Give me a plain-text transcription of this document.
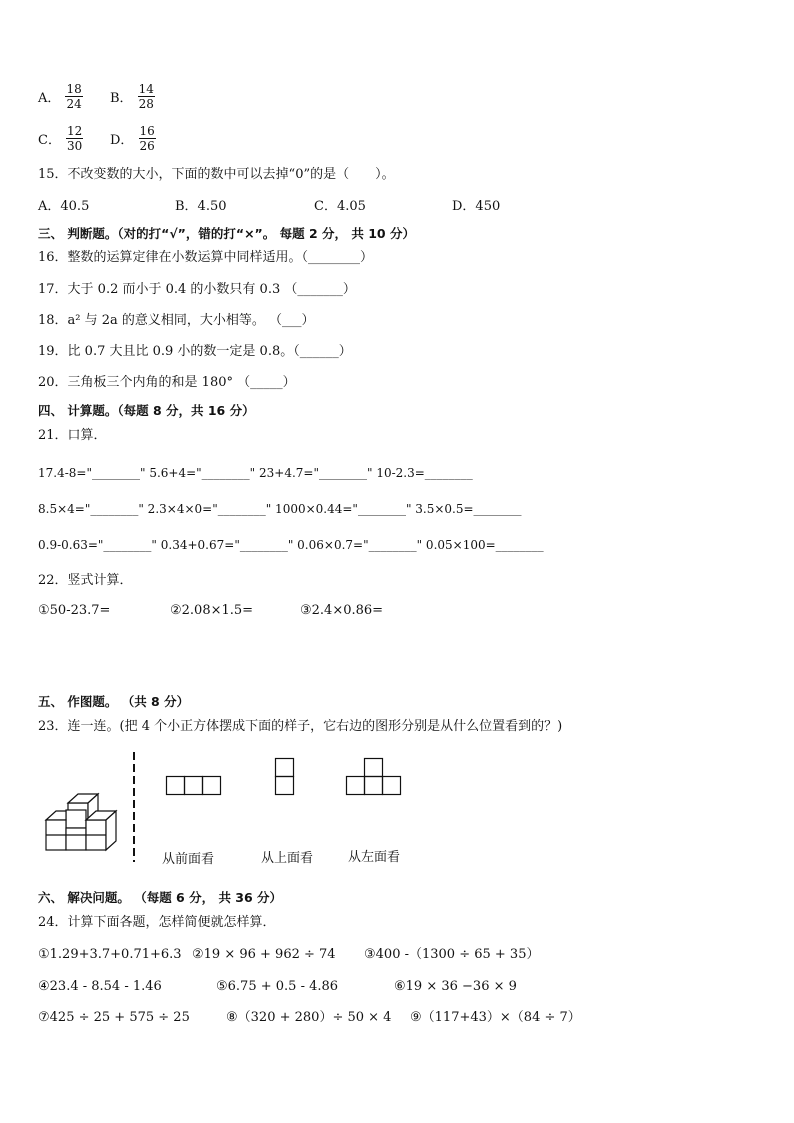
A． $\frac{18}{24}$ B． $\frac{14}{28}$
C． $\frac{12}{30}$ D． $\frac{16}{26}$
15．不改变数的大小，下面的数中可以去掉“0”的是（　　）。
A．40.5	B．4.50	C．4.05	D．450
三、 判断题。（对的打“√”，错的打“×”。 每题 2 分， 共 10 分）
16．整数的运算定律在小数运算中同样适用。（________）
17．大于 0.2 而小于 0.4 的小数只有 0.3 （_______）
18．a² 与 2a 的意义相同，大小相等。 （___）
19．比 0.7 大且比 0.9 小的数一定是 0.8。（______）
20．三角板三个内角的和是 180° （_____）
四、 计算题。（每题 8 分，共 16 分）
21．口算．
17.4-8="________" 5.6+4="________" 23+4.7="________" 10-2.3=________
8.5×4="________" 2.3×4×0="________" 1000×0.44="________" 3.5×0.5=________
0.9-0.63="________" 0.34+0.67="________" 0.06×0.7="________" 0.05×100=________
22．竖式计算．
①50-23.7=	②2.08×1.5=	③2.4×0.86=
五、 作图题。 （共 8 分）
23．连一连。(把 4 个小正方体摆成下面的样子，它右边的图形分别是从什么位置看到的？)
从前面看	从上面看	从左面看
六、 解决问题。 （每题 6 分， 共 36 分）
24．计算下面各题，怎样简便就怎样算．
①1.29+3.7+0.71+6.3 ②19 × 96 + 962 ÷ 74 ③400 -（1300 ÷ 65 + 35）
④23.4 - 8.54 - 1.46	⑤6.75 + 0.5 - 4.86	⑥19 × 36 −36 × 9
⑦425 ÷ 25 + 575 ÷ 25	⑧（320 + 280）÷ 50 × 4 ⑨（117+43）×（84 ÷ 7）
